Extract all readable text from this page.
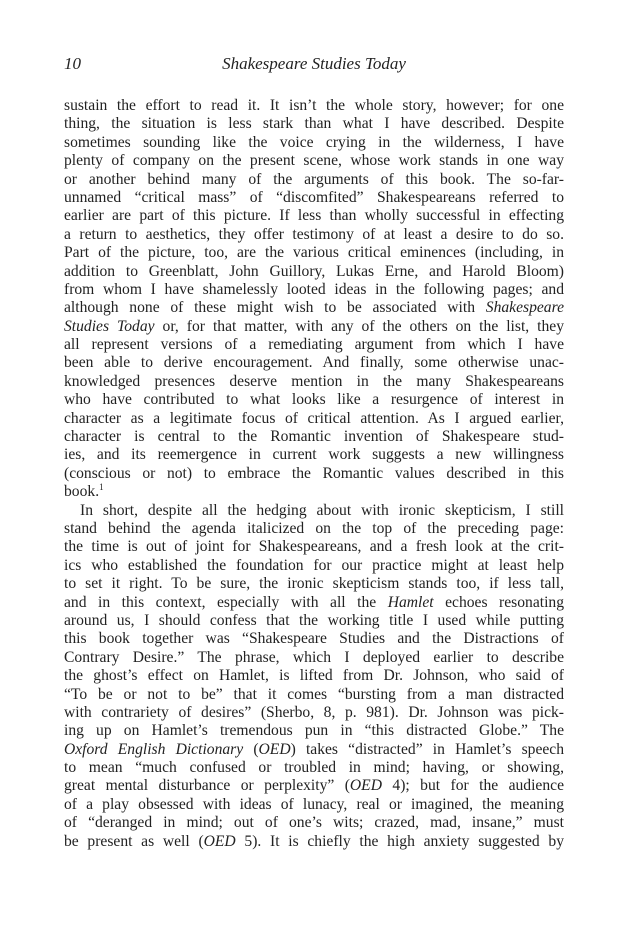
10	Shakespeare Studies Today
sustain the effort to read it. It isn’t the whole story, however; for one
thing, the situation is less stark than what I have described. Despite
sometimes sounding like the voice crying in the wilderness, I have
plenty of company on the present scene, whose work stands in one way
or another behind many of the arguments of this book. The so-far-
unnamed “critical mass” of “discomfited” Shakespeareans referred to
earlier are part of this picture. If less than wholly successful in effecting
a return to aesthetics, they offer testimony of at least a desire to do so.
Part of the picture, too, are the various critical eminences (including, in
addition to Greenblatt, John Guillory, Lukas Erne, and Harold Bloom)
from whom I have shamelessly looted ideas in the following pages; and
although none of these might wish to be associated with Shakespeare
Studies Today or, for that matter, with any of the others on the list, they
all represent versions of a remediating argument from which I have
been able to derive encouragement. And finally, some otherwise unac-
knowledged presences deserve mention in the many Shakespeareans
who have contributed to what looks like a resurgence of interest in
character as a legitimate focus of critical attention. As I argued earlier,
character is central to the Romantic invention of Shakespeare stud-
ies, and its reemergence in current work suggests a new willingness
(conscious or not) to embrace the Romantic values described in this
book.$^1$
In short, despite all the hedging about with ironic skepticism, I still
stand behind the agenda italicized on the top of the preceding page:
the time is out of joint for Shakespeareans, and a fresh look at the crit-
ics who established the foundation for our practice might at least help
to set it right. To be sure, the ironic skepticism stands too, if less tall,
and in this context, especially with all the Hamlet echoes resonating
around us, I should confess that the working title I used while putting
this book together was “Shakespeare Studies and the Distractions of
Contrary Desire.” The phrase, which I deployed earlier to describe
the ghost’s effect on Hamlet, is lifted from Dr. Johnson, who said of
“To be or not to be” that it comes “bursting from a man distracted
with contrariety of desires” (Sherbo, 8, p. 981). Dr. Johnson was pick-
ing up on Hamlet’s tremendous pun in “this distracted Globe.” The
Oxford English Dictionary (OED) takes “distracted” in Hamlet’s speech
to mean “much confused or troubled in mind; having, or showing,
great mental disturbance or perplexity” (OED 4); but for the audience
of a play obsessed with ideas of lunacy, real or imagined, the meaning
of “deranged in mind; out of one’s wits; crazed, mad, insane,” must
be present as well (OED 5). It is chiefly the high anxiety suggested by
